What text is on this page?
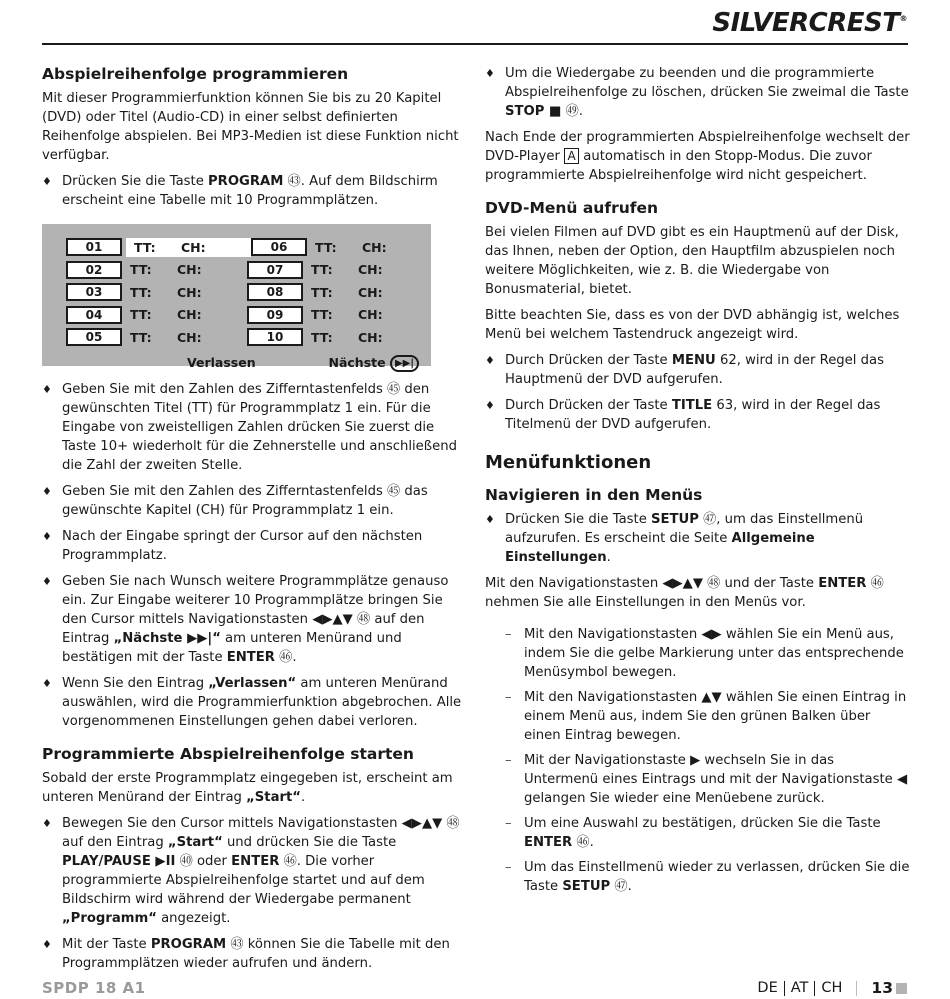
SILVERCREST®
Abspielreihenfolge programmieren

Mit dieser Programmierfunktion können Sie bis zu 20 Kapitel (DVD) oder Titel (Audio-CD) in einer selbst definierten Reihenfolge abspielen. Bei MP3-Medien ist diese Funktion nicht verfügbar.

♦ Drücken Sie die Taste PROGRAM ㊸. Auf dem Bildschirm erscheint eine Tabelle mit 10 Programmplätzen.
01	TT:	CH:	06	TT:	CH:
02	TT:	CH:	07	TT:	CH:
03	TT:	CH:	08	TT:	CH:
04	TT:	CH:	09	TT:	CH:
05	TT:	CH:	10	TT:	CH:
Verlassen	Nächste ▶▶|
♦ Geben Sie mit den Zahlen des Zifferntastenfelds ㊺ den gewünschten Titel (TT) für Programmplatz 1 ein. Für die Eingabe von zweistelligen Zahlen drücken Sie zuerst die Taste 10+ wiederholt für die Zehnerstelle und anschließend die Zahl der zweiten Stelle.
♦ Geben Sie mit den Zahlen des Zifferntastenfelds ㊺ das gewünschte Kapitel (CH) für Programmplatz 1 ein.
♦ Nach der Eingabe springt der Cursor auf den nächsten Programmplatz.
♦ Geben Sie nach Wunsch weitere Programmplätze genauso ein. Zur Eingabe weiterer 10 Programmplätze bringen Sie den Cursor mittels Navigationstasten ◀▶▲▼ ㊽ auf den Eintrag „Nächste ▶▶|“ am unteren Menürand und bestätigen mit der Taste ENTER ㊻.
♦ Wenn Sie den Eintrag „Verlassen“ am unteren Menürand auswählen, wird die Programmierfunktion abgebrochen. Alle vorgenommenen Einstellungen gehen dabei verloren.
Programmierte Abspielreihenfolge starten

Sobald der erste Programmplatz eingegeben ist, erscheint am unteren Menürand der Eintrag „Start“.

♦ Bewegen Sie den Cursor mittels Navigationstasten ◀▶▲▼ ㊽ auf den Eintrag „Start“ und drücken Sie die Taste PLAY/PAUSE ▶II ㊵ oder ENTER ㊻. Die vorher programmierte Abspielreihenfolge startet und auf dem Bildschirm wird während der Wiedergabe permanent „Programm“ angezeigt.
♦ Mit der Taste PROGRAM ㊸ können Sie die Tabelle mit den Programmplätzen wieder aufrufen und ändern.
♦ Um die Wiedergabe zu beenden und die programmierte Abspielreihenfolge zu löschen, drücken Sie zweimal die Taste STOP ■ ㊾.

Nach Ende der programmierten Abspielreihenfolge wechselt der DVD-Player A automatisch in den Stopp-Modus. Die zuvor programmierte Abspielreihenfolge wird nicht gespeichert.

DVD-Menü aufrufen

Bei vielen Filmen auf DVD gibt es ein Hauptmenü auf der Disk, das Ihnen, neben der Option, den Hauptfilm abzuspielen noch weitere Möglichkeiten, wie z. B. die Wiedergabe von Bonusmaterial, bietet.

Bitte beachten Sie, dass es von der DVD abhängig ist, welches Menü bei welchem Tastendruck angezeigt wird.

♦ Durch Drücken der Taste MENU 62, wird in der Regel das Hauptmenü der DVD aufgerufen.
♦ Durch Drücken der Taste TITLE 63, wird in der Regel das Titelmenü der DVD aufgerufen.
Menüfunktionen
Navigieren in den Menüs
♦ Drücken Sie die Taste SETUP ㊼, um das Einstellmenü aufzurufen. Es erscheint die Seite Allgemeine Einstellungen.

Mit den Navigationstasten ◀▶▲▼ ㊽ und der Taste ENTER ㊻ nehmen Sie alle Einstellungen in den Menüs vor.

– Mit den Navigationstasten ◀▶ wählen Sie ein Menü aus, indem Sie die gelbe Markierung unter das entsprechende Menüsymbol bewegen.
– Mit den Navigationstasten ▲▼ wählen Sie einen Eintrag in einem Menü aus, indem Sie den grünen Balken über einen Eintrag bewegen.
– Mit der Navigationstaste ▶ wechseln Sie in das Untermenü eines Eintrags und mit der Navigationstaste ◀ gelangen Sie wieder eine Menüebene zurück.
– Um eine Auswahl zu bestätigen, drücken Sie die Taste ENTER ㊻.
– Um das Einstellmenü wieder zu verlassen, drücken Sie die Taste SETUP ㊼.
SPDP 18 A1	DE AT CH 13
